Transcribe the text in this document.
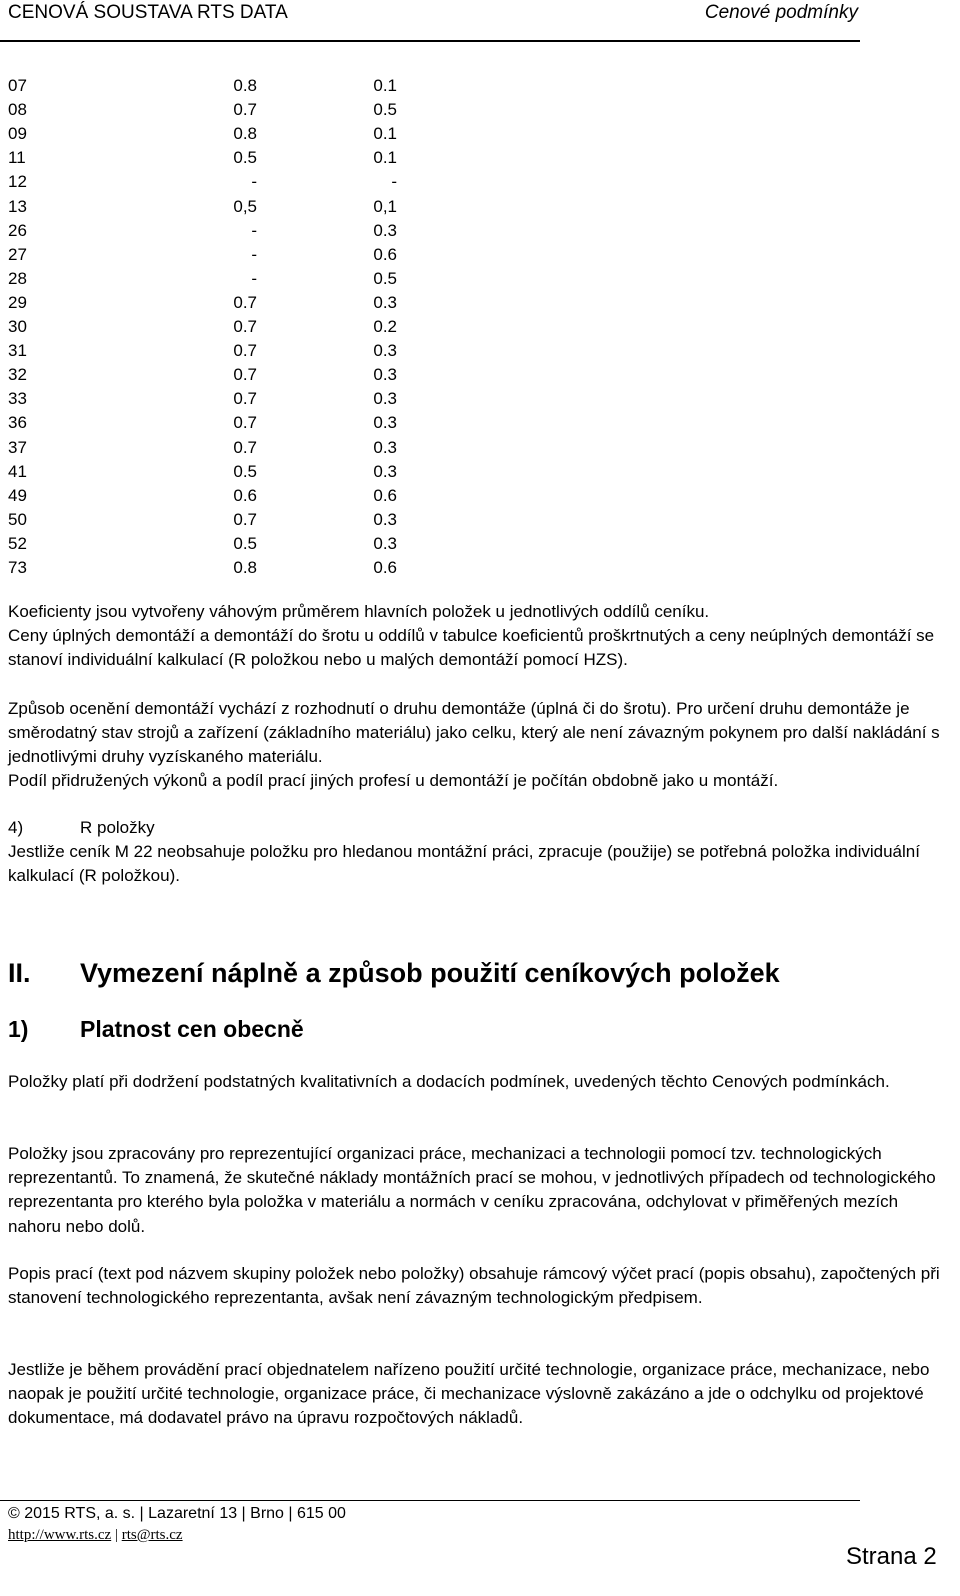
CENOVÁ SOUSTAVA RTS DATA	Cenové podmínky
07	0.8	0.1
08	0.7	0.5
09	0.8	0.1
11	0.5	0.1
12	-	-
13	0,5	0,1
26	-	0.3
27	-	0.6
28	-	0.5
29	0.7	0.3
30	0.7	0.2
31	0.7	0.3
32	0.7	0.3
33	0.7	0.3
36	0.7	0.3
37	0.7	0.3
41	0.5	0.3
49	0.6	0.6
50	0.7	0.3
52	0.5	0.3
73	0.8	0.6

Koeficienty jsou vytvořeny váhovým průměrem hlavních položek u jednotlivých oddílů ceníku.

Ceny úplných demontáží a demontáží do šrotu u oddílů v tabulce koeficientů proškrtnutých a ceny neúplných demontáží se stanoví individuální kalkulací (R položkou nebo u malých demontáží pomocí HZS).

Způsob ocenění demontáží vychází z rozhodnutí o druhu demontáže (úplná či do šrotu). Pro určení druhu demontáže je směrodatný stav strojů a zařízení (základního materiálu) jako celku, který ale není závazným pokynem pro další nakládání s jednotlivými druhy vyzískaného materiálu.

Podíl přidružených výkonů a podíl prací jiných profesí u demontáží je počítán obdobně jako u montáží.

4)	R položky

Jestliže ceník M 22 neobsahuje položku pro hledanou montážní práci, zpracuje (použije) se potřebná položka individuální kalkulací (R položkou).

II. Vymezení náplně a způsob použití ceníkových položek
1) Platnost cen obecně

Položky platí při dodržení podstatných kvalitativních a dodacích podmínek, uvedených těchto Cenových podmínkách.

Položky jsou zpracovány pro reprezentující organizaci práce, mechanizaci a technologii pomocí tzv. technologických reprezentantů. To znamená, že skutečné náklady montážních prací se mohou, v jednotlivých případech od technologického reprezentanta pro kterého byla položka v materiálu a normách v ceníku zpracována, odchylovat v přiměřených mezích nahoru nebo dolů.

Popis prací (text pod názvem skupiny položek nebo položky) obsahuje rámcový výčet prací (popis obsahu), započtených při stanovení technologického reprezentanta, avšak není závazným technologickým předpisem.

Jestliže je během provádění prací objednatelem nařízeno použití určité technologie, organizace práce, mechanizace, nebo naopak je použití určité technologie, organizace práce, či mechanizace výslovně zakázáno a jde o odchylku od projektové dokumentace, má dodavatel právo na úpravu rozpočtových nákladů.

© 2015 RTS, a. s. | Lazaretní 13 | Brno | 615 00
http://www.rts.cz | rts@rts.cz
Strana 2
